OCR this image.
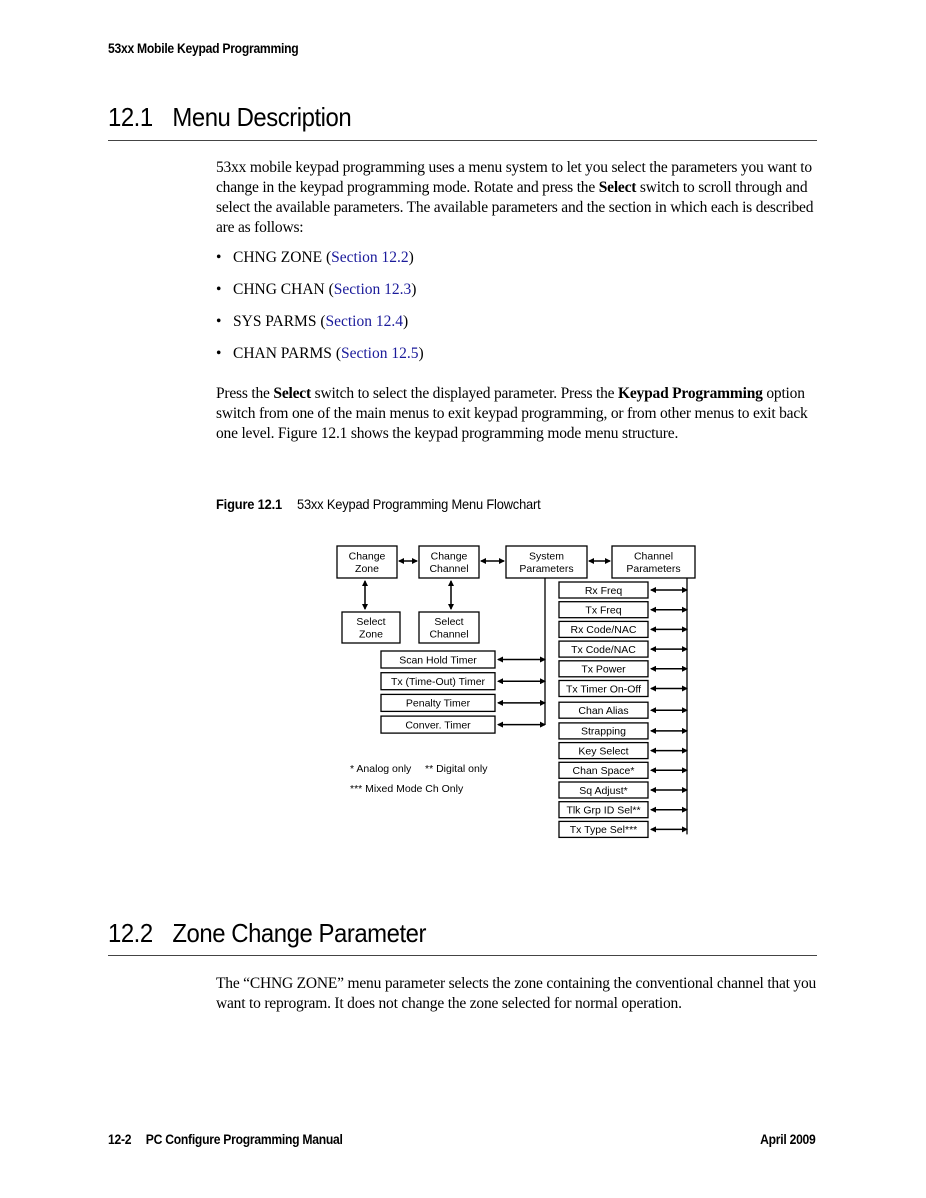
53xx Mobile Keypad Programming
12.1 Menu Description
53xx mobile keypad programming uses a menu system to let you select the parameters you want to change in the keypad programming mode. Rotate and press the Select switch to scroll through and select the available parameters. The available parameters and the section in which each is described are as follows:
• CHNG ZONE (Section 12.2)
• CHNG CHAN (Section 12.3)
• SYS PARMS (Section 12.4)
• CHAN PARMS (Section 12.5)
Press the Select switch to select the displayed parameter. Press the Keypad Programming option switch from one of the main menus to exit keypad programming, or from other menus to exit back one level. Figure 12.1 shows the keypad programming mode menu structure.
Figure 12.1 53xx Keypad Programming Menu Flowchart
Change
Zone
Change
Channel
System
Parameters
Channel
Parameters
Select
Zone
Select
Channel
Scan Hold Timer
Tx (Time-Out) Timer
Penalty Timer
Conver. Timer
Rx Freq
Tx Freq
Rx Code/NAC
Tx Code/NAC
Tx Power
Tx Timer On-Off
Chan Alias
Strapping
Key Select
Chan Space*
Sq Adjust*
Tlk Grp ID Sel**
Tx Type Sel***
* Analog only ** Digital only
*** Mixed Mode Ch Only
12.2 Zone Change Parameter
The “CHNG ZONE” menu parameter selects the zone containing the conventional channel that you want to reprogram. It does not change the zone selected for normal operation.
12-2 PC Configure Programming Manual	April 2009
